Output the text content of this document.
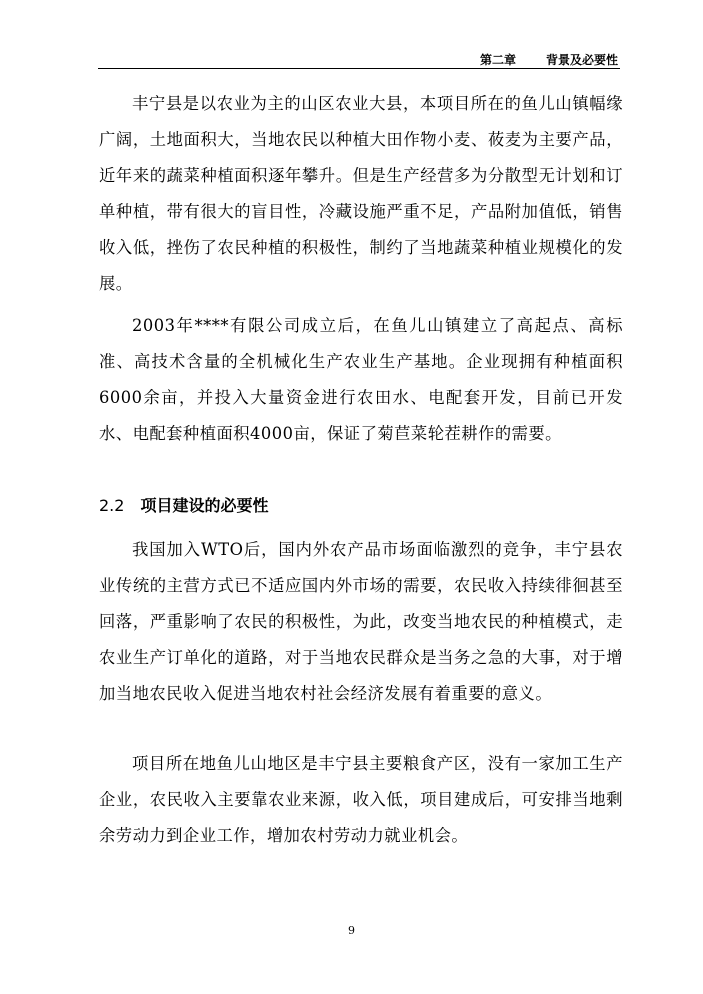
第二章 背景及必要性

丰宁县是以农业为主的山区农业大县，本项目所在的鱼儿山镇幅缘广阔，土地面积大，当地农民以种植大田作物小麦、莜麦为主要产品，近年来的蔬菜种植面积逐年攀升。但是生产经营多为分散型无计划和订单种植，带有很大的盲目性，冷藏设施严重不足，产品附加值低，销售收入低，挫伤了农民种植的积极性，制约了当地蔬菜种植业规模化的发展。

2003年****有限公司成立后，在鱼儿山镇建立了高起点、高标准、高技术含量的全机械化生产农业生产基地。企业现拥有种植面积6000余亩，并投入大量资金进行农田水、电配套开发，目前已开发水、电配套种植面积4000亩，保证了菊苣菜轮茬耕作的需要。

2.2 项目建设的必要性

我国加入WTO后，国内外农产品市场面临激烈的竞争，丰宁县农业传统的主营方式已不适应国内外市场的需要，农民收入持续徘徊甚至回落，严重影响了农民的积极性，为此，改变当地农民的种植模式，走农业生产订单化的道路，对于当地农民群众是当务之急的大事，对于增加当地农民收入促进当地农村社会经济发展有着重要的意义。

项目所在地鱼儿山地区是丰宁县主要粮食产区，没有一家加工生产企业，农民收入主要靠农业来源，收入低，项目建成后，可安排当地剩余劳动力到企业工作，增加农村劳动力就业机会。

9
